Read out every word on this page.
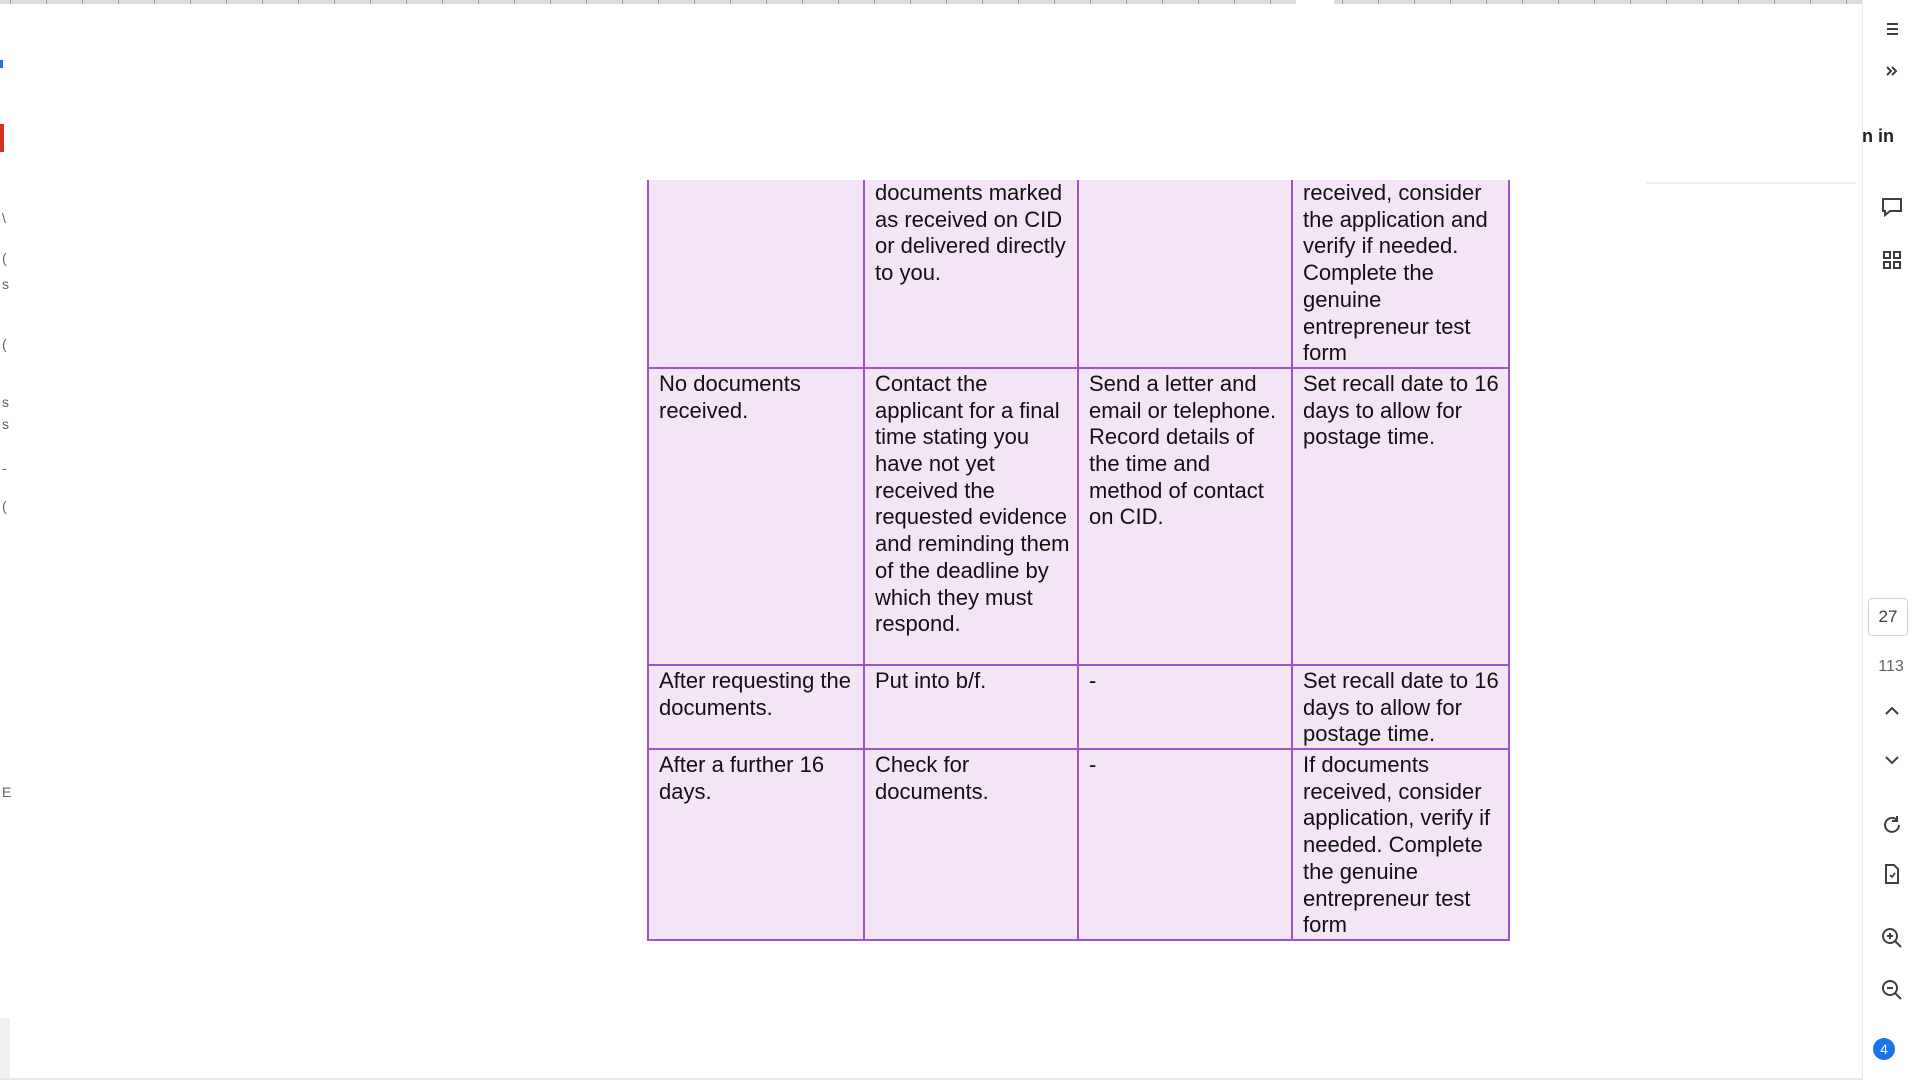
\
(
s
(
s
s
-
(
E

	documents marked as received on CID or delivered directly to you.		received, consider the application and verify if needed. Complete the genuine entrepreneur test form

No documents received.	Contact the applicant for a final time stating you have not yet received the requested evidence and reminding them of the deadline by which they must respond.	Send a letter and email or telephone. Record details of the time and method of contact on CID.	Set recall date to 16 days to allow for postage time.

After requesting the documents.	Put into b/f.	-	Set recall date to 16 days to allow for postage time.

After a further 16 days.	Check for documents.	-	If documents received, consider application, verify if needed. Complete the genuine entrepreneur test form
n in
27
113
4
